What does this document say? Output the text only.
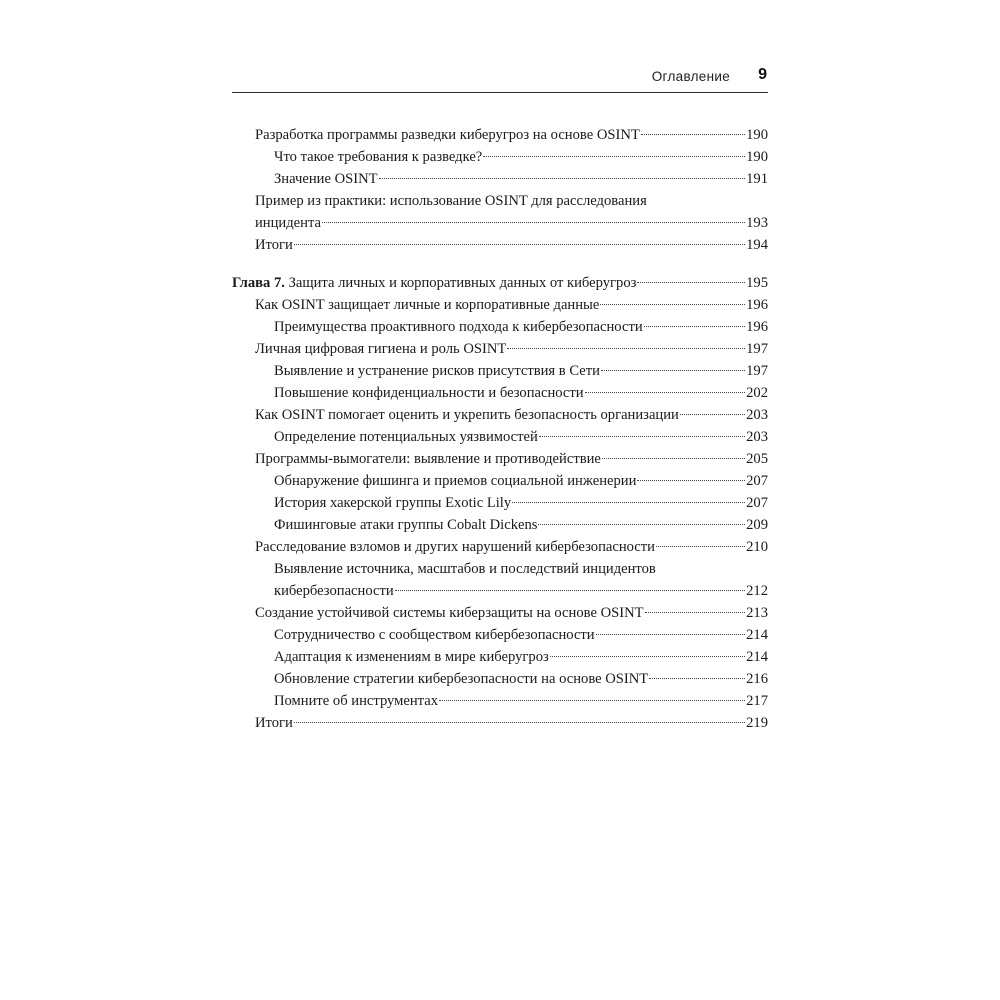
Оглавление 9
Разработка программы разведки киберугроз на основе OSINT	190
Что такое требования к разведке?	190
Значение OSINT	191
Пример из практики: использование OSINT для расследования
инцидента	193
Итоги	194
Глава 7. Защита личных и корпоративных данных от киберугроз	195
Как OSINT защищает личные и корпоративные данные	196
Преимущества проактивного подхода к кибербезопасности	196
Личная цифровая гигиена и роль OSINT	197
Выявление и устранение рисков присутствия в Сети	197
Повышение конфиденциальности и безопасности	202
Как OSINT помогает оценить и укрепить безопасность организации	203
Определение потенциальных уязвимостей	203
Программы-вымогатели: выявление и противодействие	205
Обнаружение фишинга и приемов социальной инженерии	207
История хакерской группы Exotic Lily	207
Фишинговые атаки группы Cobalt Dickens	209
Расследование взломов и других нарушений кибербезопасности	210
Выявление источника, масштабов и последствий инцидентов
кибербезопасности	212
Создание устойчивой системы киберзащиты на основе OSINT	213
Сотрудничество с сообществом кибербезопасности	214
Адаптация к изменениям в мире киберугроз	214
Обновление стратегии кибербезопасности на основе OSINT	216
Помните об инструментах	217
Итоги	219
